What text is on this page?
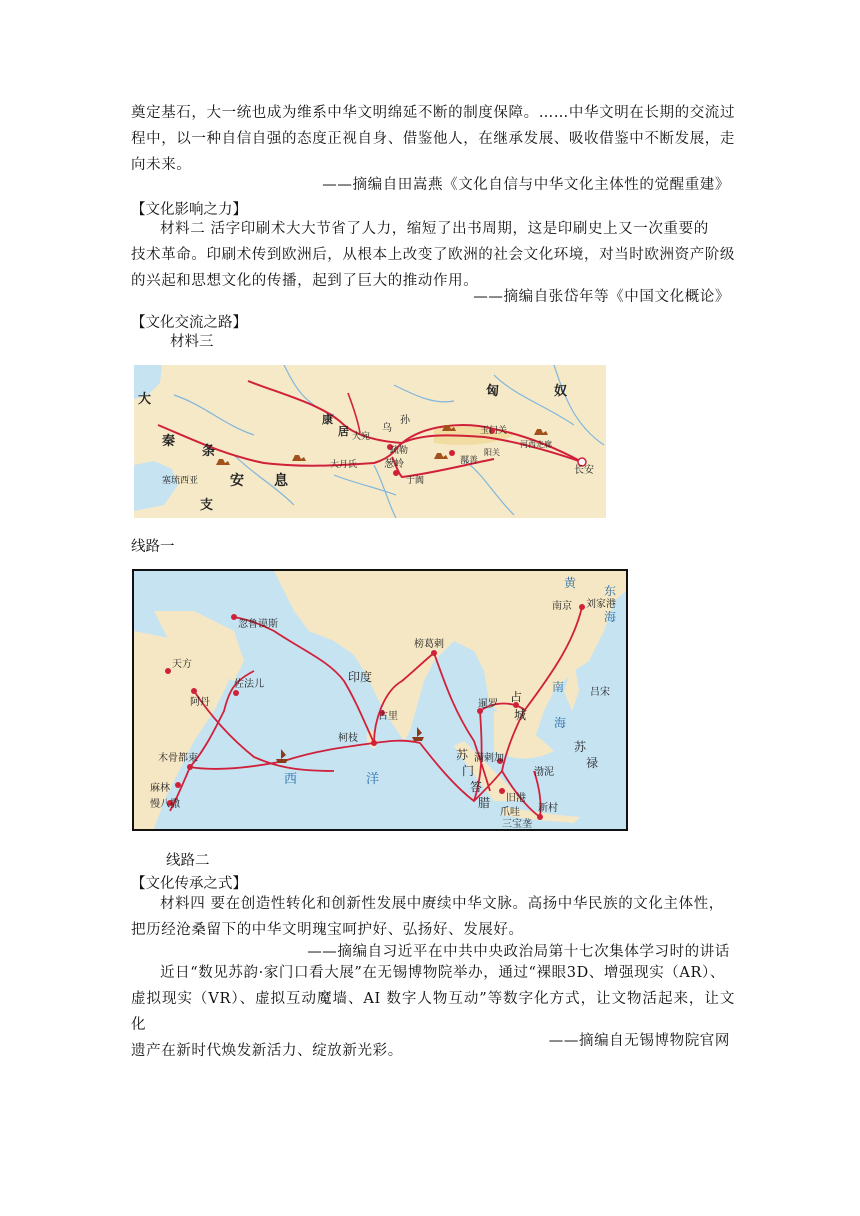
奠定基石，大一统也成为维系中华文明绵延不断的制度保障。……中华文明在长期的交流过
程中，以一种自信自强的态度正视自身、借鉴他人，在继承发展、吸收借鉴中不断发展，走
向未来。
——摘编自田嵩燕《文化自信与中华文化主体性的觉醒重建》
【文化影响之力】
材料二 活字印刷术大大节省了人力，缩短了出书周期，这是印刷史上又一次重要的
技术革命。印刷术传到欧洲后，从根本上改变了欧洲的社会文化环境，对当时欧洲资产阶级
的兴起和思想文化的传播，起到了巨大的推动作用。
——摘编自张岱年等《中国文化概论》
【文化交流之路】
材料三
大
秦
条
支
塞琉西亚 安 息
康
居 大宛
乌
孙
匈	奴
疏勒
葱岭
大月氏
于阗
鄯善
玉门关
阳关
河西走廊
长安
线路一
南京 刘家港
黄
东
海
南
海
忽鲁谟斯
天方
佐法儿
阿丹
印度
榜葛剌
暹罗
占
城
吕宋
古里
柯枝
木骨都束
麻林
慢八撒
满剌加
苏
门
答
腊 旧港
渤泥
苏
禄
西	洋
爪哇 新村
三宝垄
线路二
【文化传承之式】
材料四 要在创造性转化和创新性发展中赓续中华文脉。高扬中华民族的文化主体性，
把历经沧桑留下的中华文明瑰宝呵护好、弘扬好、发展好。
——摘编自习近平在中共中央政治局第十七次集体学习时的讲话
近日“数见苏韵·家门口看大展”在无锡博物院举办，通过“裸眼3D、增强现实（AR）、
虚拟现实（VR）、虚拟互动魔墙、AI 数字人物互动”等数字化方式，让文物活起来，让文化
遗产在新时代焕发新活力、绽放新光彩。
——摘编自无锡博物院官网
